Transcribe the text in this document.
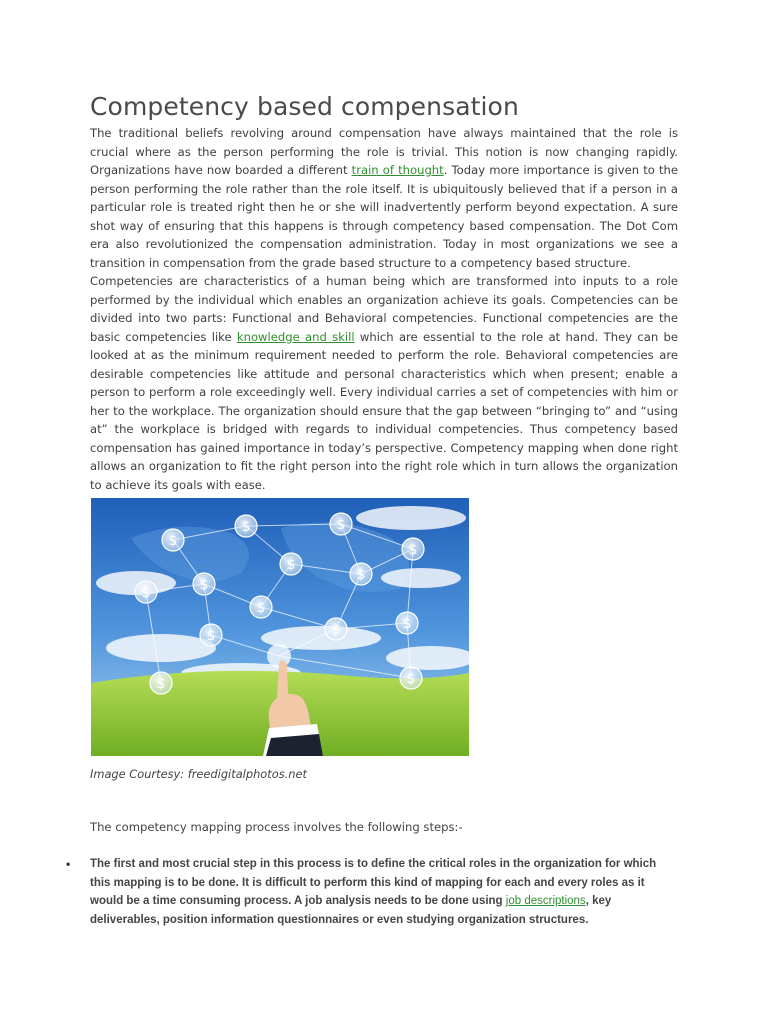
Competency based compensation

The traditional beliefs revolving around compensation have always maintained that the role is crucial where as the person performing the role is trivial. This notion is now changing rapidly. Organizations have now boarded a different train of thought. Today more importance is given to the person performing the role rather than the role itself. It is ubiquitously believed that if a person in a particular role is treated right then he or she will inadvertently perform beyond expectation. A sure shot way of ensuring that this happens is through competency based compensation. The Dot Com era also revolutionized the compensation administration. Today in most organizations we see a transition in compensation from the grade based structure to a competency based structure.

Competencies are characteristics of a human being which are transformed into inputs to a role performed by the individual which enables an organization achieve its goals. Competencies can be divided into two parts: Functional and Behavioral competencies. Functional competencies are the basic competencies like knowledge and skill which are essential to the role at hand. They can be looked at as the minimum requirement needed to perform the role. Behavioral competencies are desirable competencies like attitude and personal characteristics which when present; enable a person to perform a role exceedingly well. Every individual carries a set of competencies with him or her to the workplace. The organization should ensure that the gap between “bringing to” and “using at” the workplace is bridged with regards to individual competencies. Thus competency based compensation has gained importance in today’s perspective. Competency mapping when done right allows an organization to fit the right person into the right role which in turn allows the organization to achieve its goals with ease.

$
$	$
$
$
$
$
$
$
$
$
$
$	$

Image Courtesy: freedigitalphotos.net

The competency mapping process involves the following steps:-

• The first and most crucial step in this process is to define the critical roles in the organization for which this mapping is to be done. It is difficult to perform this kind of mapping for each and every roles as it would be a time consuming process. A job analysis needs to be done using job descriptions, key deliverables, position information questionnaires or even studying organization structures.
